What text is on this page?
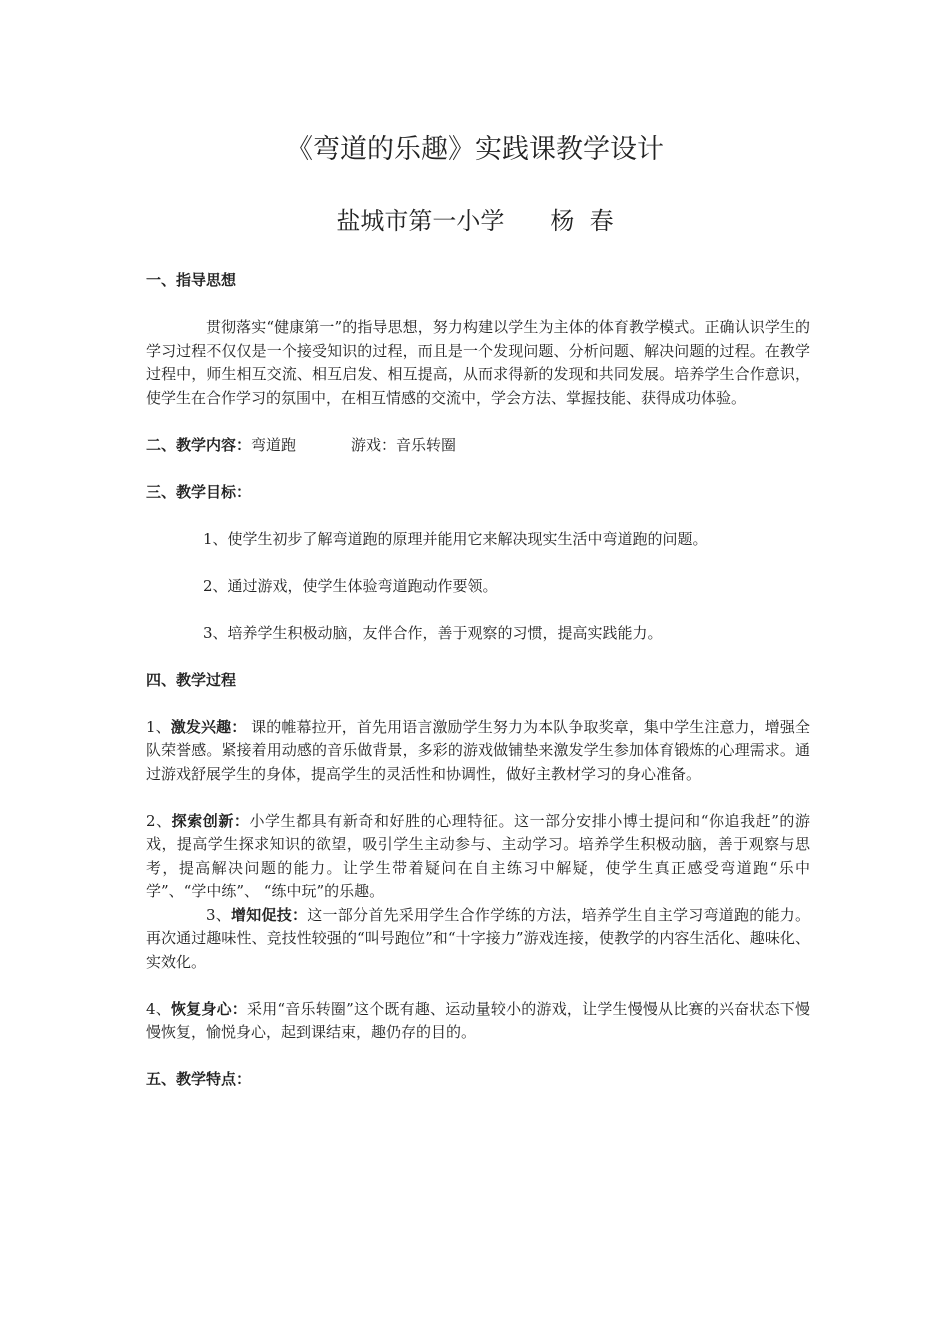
《弯道的乐趣》实践课教学设计
盐城市第一小学 杨  春
一、指导思想
贯彻落实“健康第一”的指导思想，努力构建以学生为主体的体育教学模式。正确认识学生的学习过程不仅仅是一个接受知识的过程，而且是一个发现问题、分析问题、解决问题的过程。在教学过程中，师生相互交流、相互启发、相互提高，从而求得新的发现和共同发展。培养学生合作意识，使学生在合作学习的氛围中，在相互情感的交流中，学会方法、掌握技能、获得成功体验。
二、教学内容：弯道跑	游戏：音乐转圈
三、教学目标：
1、使学生初步了解弯道跑的原理并能用它来解决现实生活中弯道跑的问题。
2、通过游戏，使学生体验弯道跑动作要领。
3、培养学生积极动脑，友伴合作，善于观察的习惯，提高实践能力。
四、教学过程
1、激发兴趣： 课的帷幕拉开，首先用语言激励学生努力为本队争取奖章，集中学生注意力，增强全队荣誉感。紧接着用动感的音乐做背景，多彩的游戏做铺垫来激发学生参加体育锻炼的心理需求。通过游戏舒展学生的身体，提高学生的灵活性和协调性，做好主教材学习的身心准备。
2、探索创新：小学生都具有新奇和好胜的心理特征。这一部分安排小博士提问和“你追我赶”的游戏，提高学生探求知识的欲望，吸引学生主动参与、主动学习。培养学生积极动脑，善于观察与思考，提高解决问题的能力。让学生带着疑问在自主练习中解疑，使学生真正感受弯道跑“乐中学”、“学中练”、 “练中玩”的乐趣。
3、增知促技：这一部分首先采用学生合作学练的方法，培养学生自主学习弯道跑的能力。再次通过趣味性、竞技性较强的“叫号跑位”和“十字接力”游戏连接，使教学的内容生活化、趣味化、实效化。
4、恢复身心：采用“音乐转圈”这个既有趣、运动量较小的游戏，让学生慢慢从比赛的兴奋状态下慢慢恢复，愉悦身心，起到课结束，趣仍存的目的。
五、教学特点：
